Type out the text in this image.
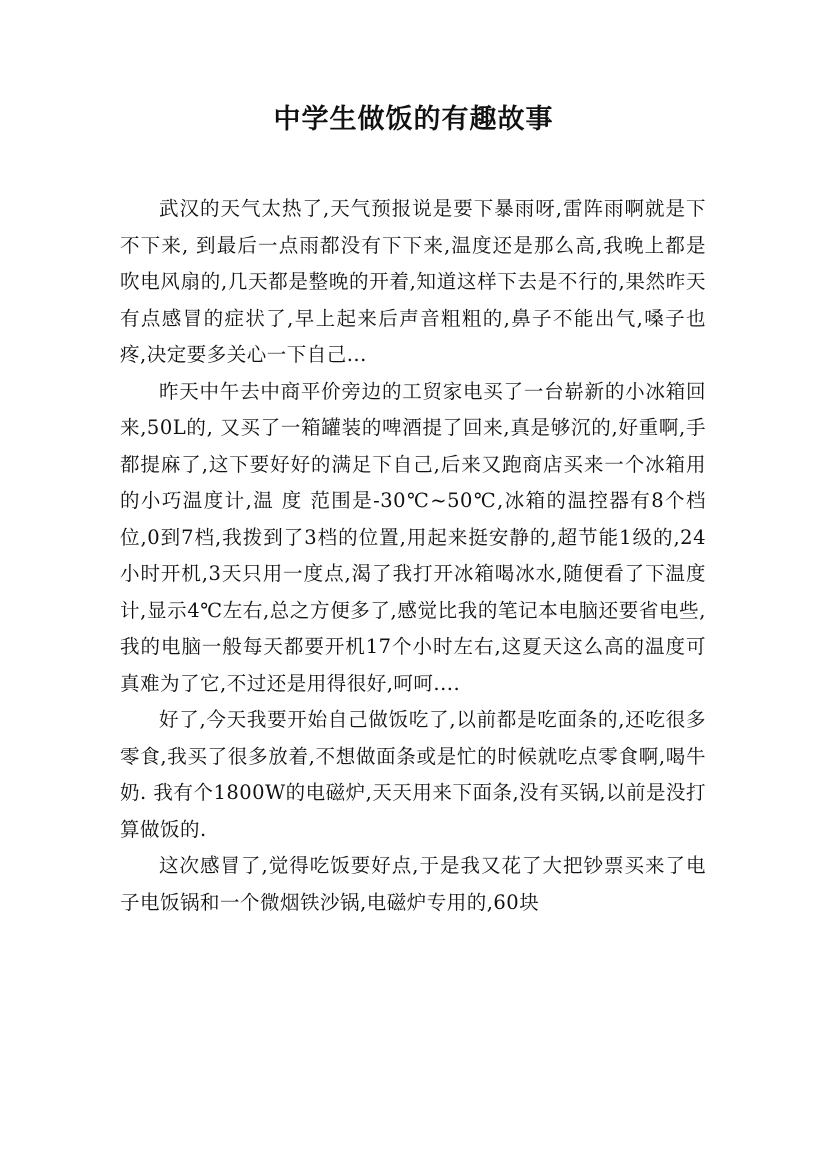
中学生做饭的有趣故事

武汉的天气太热了,天气预报说是要下暴雨呀,雷阵雨啊就是下不下来, 到最后一点雨都没有下下来,温度还是那么高,我晚上都是吹电风扇的,几天都是整晚的开着,知道这样下去是不行的,果然昨天有点感冒的症状了,早上起来后声音粗粗的,鼻子不能出气,嗓子也疼,决定要多关心一下自己...

昨天中午去中商平价旁边的工贸家电买了一台崭新的小冰箱回来,50L的, 又买了一箱罐装的啤酒提了回来,真是够沉的,好重啊,手都提麻了,这下要好好的满足下自己,后来又跑商店买来一个冰箱用的小巧温度计,温 度 范围是-30℃~50℃,冰箱的温控器有8个档位,0到7档,我拨到了3档的位置,用起来挺安静的,超节能1级的,24小时开机,3天只用一度点,渴了我打开冰箱喝冰水,随便看了下温度计,显示4℃左右,总之方便多了,感觉比我的笔记本电脑还要省电些,我的电脑一般每天都要开机17个小时左右,这夏天这么高的温度可真难为了它,不过还是用得很好,呵呵....

好了,今天我要开始自己做饭吃了,以前都是吃面条的,还吃很多零食,我买了很多放着,不想做面条或是忙的时候就吃点零食啊,喝牛奶. 我有个1800W的电磁炉,天天用来下面条,没有买锅,以前是没打算做饭的.

这次感冒了,觉得吃饭要好点,于是我又花了大把钞票买来了电子电饭锅和一个微烟铁沙锅,电磁炉专用的,60块
